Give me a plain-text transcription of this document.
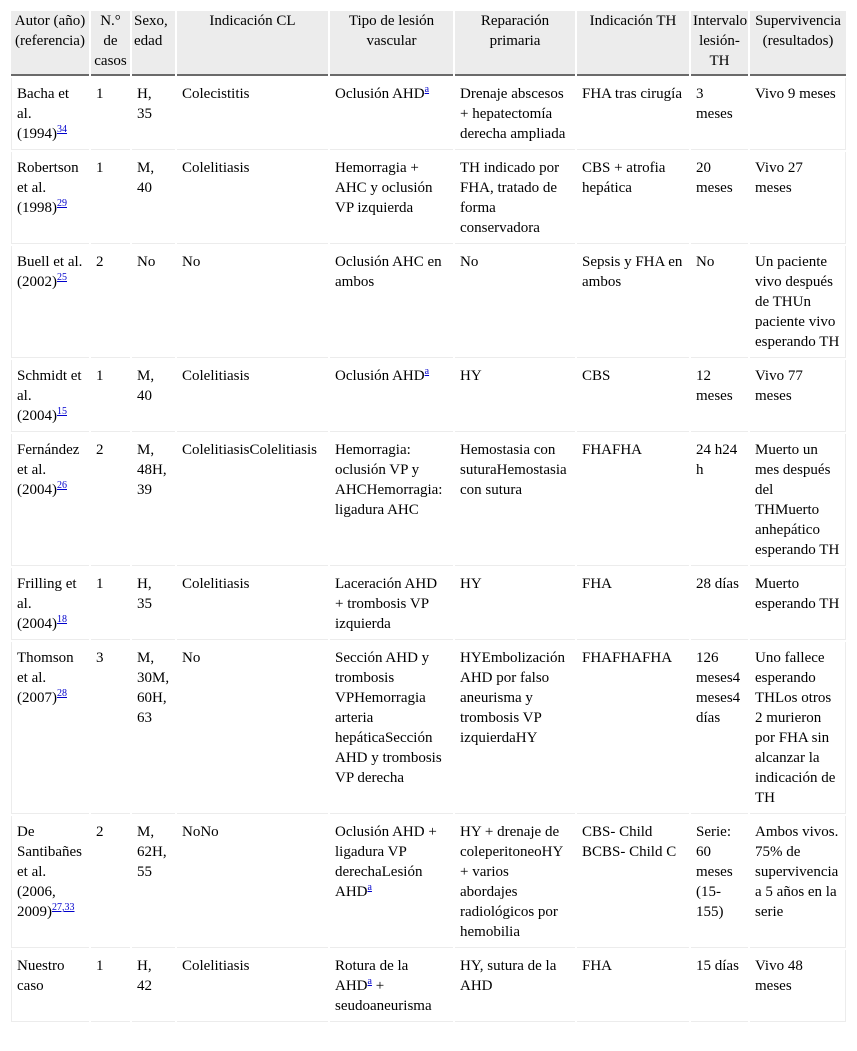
Autor (año) (referencia)	N.° de casos	Sexo, edad	Indicación CL	Tipo de lesión vascular	Reparación primaria	Indicación TH	Intervalo lesión-TH	Supervivencia (resultados)
Bacha et al. (1994)$^{34}$	1	H, 35	Colecistitis	Oclusión AHD$^a$	Drenaje abscesos + hepatectomía derecha ampliada	FHA tras cirugía	3 meses	Vivo 9 meses
Robertson et al. (1998)$^{29}$	1	M, 40	Colelitiasis	Hemorragia + AHC y oclusión VP izquierda	TH indicado por FHA, tratado de forma conservadora	CBS + atrofia hepática	20 meses	Vivo 27 meses
Buell et al. (2002)$^{25}$	2	No	No	Oclusión AHC en ambos	No	Sepsis y FHA en ambos	No	Un paciente vivo después de THUn paciente vivo esperando TH
Schmidt et al. (2004)$^{15}$	1	M, 40	Colelitiasis	Oclusión AHD$^a$	HY	CBS	12 meses	Vivo 77 meses
Fernández et al. (2004)$^{26}$	2	M, 48H, 39	ColelitiasisColelitiasis	Hemorragia: oclusión VP y AHCHemorragia: ligadura AHC	Hemostasia con suturaHemostasia con sutura	FHAFHA	24 h24 h	Muerto un mes después del THMuerto anhepático esperando TH
Frilling et al. (2004)$^{18}$	1	H, 35	Colelitiasis	Laceración AHD + trombosis VP izquierda	HY	FHA	28 días	Muerto esperando TH
Thomson et al. (2007)$^{28}$	3	M, 30M, 60H, 63	No	Sección AHD y trombosis VPHemorragia arteria hepáticaSección AHD y trombosis VP derecha	HYEmbolización AHD por falso aneurisma y trombosis VP izquierdaHY	FHAFHAFHA	126 meses4 meses4 días	Uno fallece esperando THLos otros 2 murieron por FHA sin alcanzar la indicación de TH
De Santibañes et al. (2006, 2009)$^{27,33}$	2	M, 62H, 55	NoNo	Oclusión AHD + ligadura VP derechaLesión AHD$^a$	HY + drenaje de coleperitoneoHY + varios abordajes radiológicos por hemobilia	CBS- Child BCBS- Child C	Serie: 60 meses (15-155)	Ambos vivos. 75% de supervivencia a 5 años en la serie
Nuestro caso	1	H, 42	Colelitiasis	Rotura de la AHD$^a$ + seudoaneurisma	HY, sutura de la AHD	FHA	15 días	Vivo 48 meses
